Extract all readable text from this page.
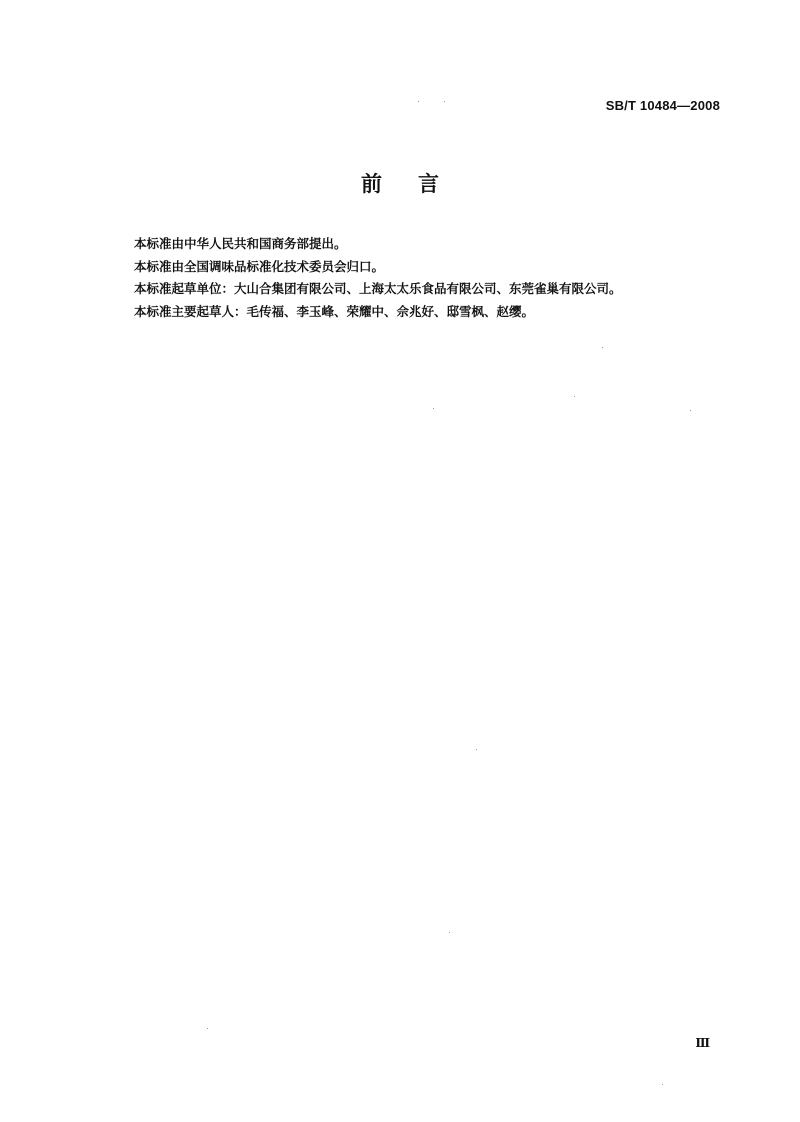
SB/T 10484—2008
前言

本标准由中华人民共和国商务部提出。

本标准由全国调味品标准化技术委员会归口。

本标准起草单位：大山合集团有限公司、上海太太乐食品有限公司、东莞雀巢有限公司。

本标准主要起草人：毛传福、李玉峰、荣耀中、佘兆好、邸雪枫、赵缨。

Ⅲ
